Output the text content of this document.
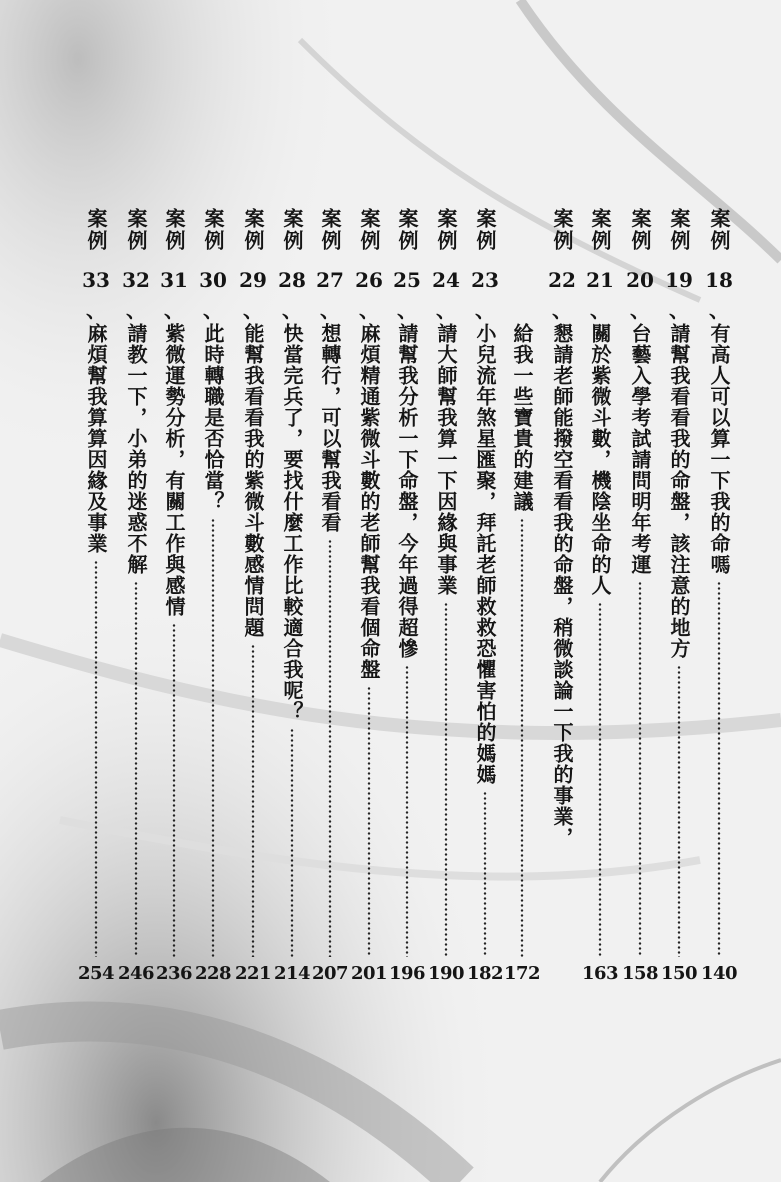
案例
18
、
有高人可以算一下我的命嗎
140
案例
19
、
請幫我看看我的命盤，該注意的地方
150
案例
20
、
台藝入學考試請問明年考運
158
案例
21
、
關於紫微斗數，機陰坐命的人
163
案例
22
、
懇請老師能撥空看看我的命盤，稍微談論一下我的事業，
給我一些寶貴的建議
172
案例
23
、
小兒流年煞星匯聚，拜託老師救救恐懼害怕的媽媽
182
案例
24
、
請大師幫我算一下因緣與事業
190
案例
25
、
請幫我分析一下命盤，今年過得超慘
196
案例
26
、
麻煩精通紫微斗數的老師幫我看個命盤
201
案例
27
、
想轉行，可以幫我看看
207
案例
28
、
快當完兵了，要找什麼工作比較適合我呢？
214
案例
29
、
能幫我看看我的紫微斗數感情問題
221
案例
30
、
此時轉職是否恰當？
228
案例
31
、
紫微運勢分析，有關工作與感情
236
案例
32
、
請教一下，小弟的迷惑不解
246
案例
33
、
麻煩幫我算算因緣及事業
254
